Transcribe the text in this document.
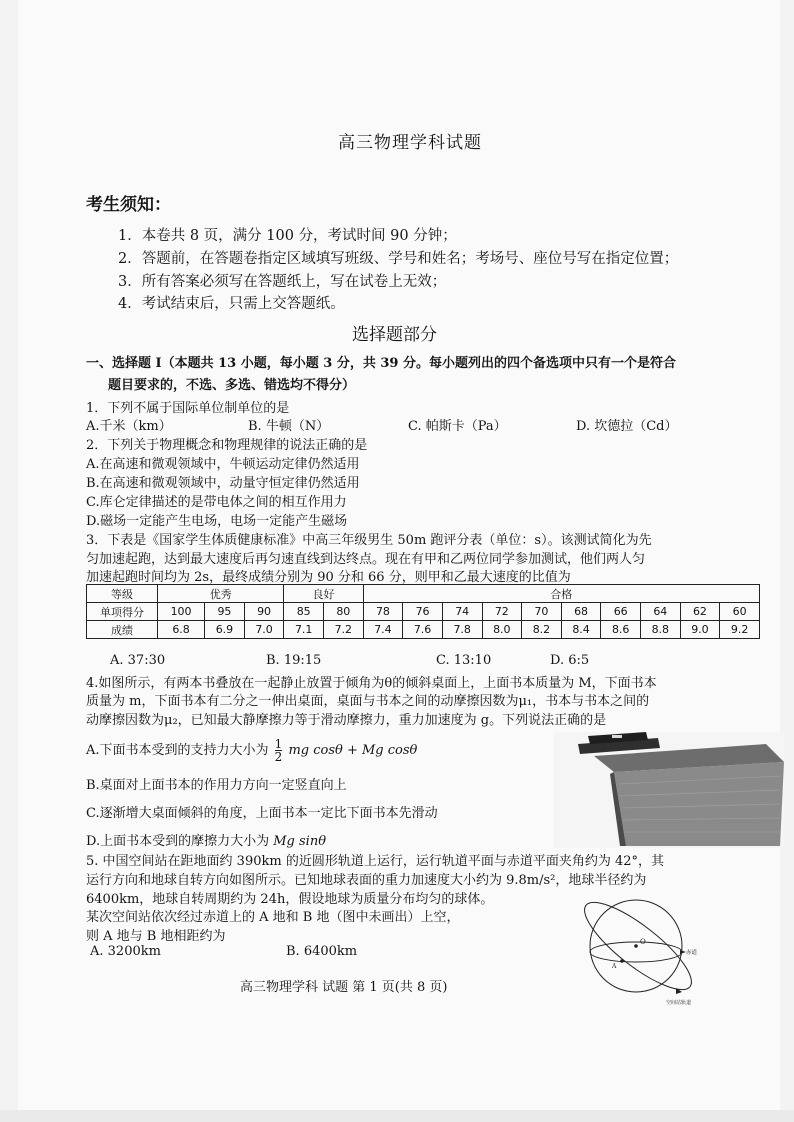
高三物理学科试题
考生须知：
1．本卷共 8 页，满分 100 分，考试时间 90 分钟；
2．答题前，在答题卷指定区域填写班级、学号和姓名；考场号、座位号写在指定位置；
3．所有答案必须写在答题纸上，写在试卷上无效；
4．考试结束后，只需上交答题纸。
选择题部分
一、选择题 I（本题共 13 小题，每小题 3 分，共 39 分。每小题列出的四个备选项中只有一个是符合
题目要求的，不选、多选、错选均不得分）
1．下列不属于国际单位制单位的是
A.千米（km）	B. 牛顿（N）	C. 帕斯卡（Pa）	D. 坎德拉（Cd）
2．下列关于物理概念和物理规律的说法正确的是
A.在高速和微观领域中，牛顿运动定律仍然适用
B.在高速和微观领域中，动量守恒定律仍然适用
C.库仑定律描述的是带电体之间的相互作用力
D.磁场一定能产生电场，电场一定能产生磁场
3．下表是《国家学生体质健康标准》中高三年级男生 50m 跑评分表（单位：s）。该测试简化为先
匀加速起跑，达到最大速度后再匀速直线到达终点。现在有甲和乙两位同学参加测试，他们两人匀
加速起跑时间均为 2s，最终成绩分别为 90 分和 66 分，则甲和乙最大速度的比值为
等级	优秀			良好		合格									
单项得分	100	95	90	85	80	78	76	74	72	70	68	66	64	62	60
成绩	6.8	6.9	7.0	7.1	7.2	7.4	7.6	7.8	8.0	8.2	8.4	8.6	8.8	9.0	9.2
A. 37:30	B. 19:15	C. 13:10	D. 6:5
4.如图所示，有两本书叠放在一起静止放置于倾角为θ的倾斜桌面上，上面书本质量为 M，下面书本
质量为 m，下面书本有二分之一伸出桌面，桌面与书本之间的动摩擦因数为μ₁，书本与书本之间的
动摩擦因数为μ₂，已知最大静摩擦力等于滑动摩擦力，重力加速度为 g。下列说法正确的是
A.下面书本受到的支持力大小为 $\frac{1}{2}$ mg cosθ + Mg cosθ
B.桌面对上面书本的作用力方向一定竖直向上
C.逐渐增大桌面倾斜的角度，上面书本一定比下面书本先滑动
D.上面书本受到的摩擦力大小为 Mg sinθ
5. 中国空间站在距地面约 390km 的近圆形轨道上运行，运行轨道平面与赤道平面夹角约为 42°，其
运行方向和地球自转方向如图所示。已知地球表面的重力加速度大小约为 9.8m/s²，地球半径约为
6400km，地球自转周期约为 24h，假设地球为质量分布均匀的球体。
某次空间站依次经过赤道上的 A 地和 B 地（图中未画出）上空，
则 A 地与 B 地相距约为
A. 3200km	B. 6400km
O
A
赤道
空间站轨道
高三物理学科 试题 第 1 页(共 8 页)
